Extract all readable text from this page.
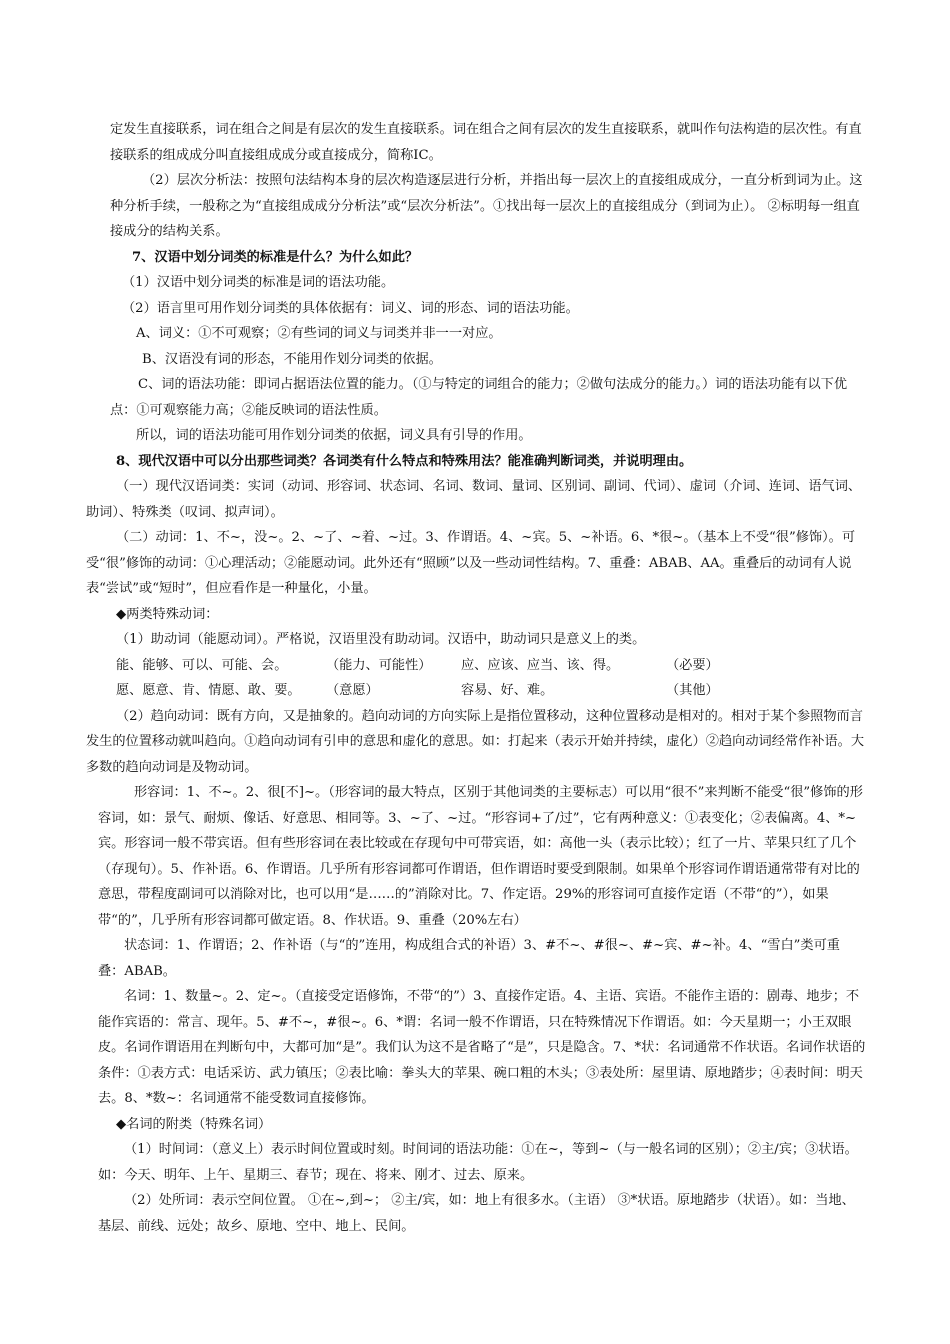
定发生直接联系，词在组合之间是有层次的发生直接联系。词在组合之间有层次的发生直接联系，就叫作句法构造的层次性。有直接联系的组成成分叫直接组成成分或直接成分，简称IC。

（2）层次分析法：按照句法结构本身的层次构造逐层进行分析，并指出每一层次上的直接组成成分，一直分析到词为止。这种分析手续，一般称之为“直接组成成分分析法”或“层次分析法”。①找出每一层次上的直接组成分（到词为止）。 ②标明每一组直接成分的结构关系。

7、汉语中划分词类的标准是什么？为什么如此？

（1）汉语中划分词类的标准是词的语法功能。

（2）语言里可用作划分词类的具体依据有：词义、词的形态、词的语法功能。

A、词义：①不可观察；②有些词的词义与词类并非一一对应。

B、汉语没有词的形态，不能用作划分词类的依据。

C、词的语法功能：即词占据语法位置的能力。（①与特定的词组合的能力；②做句法成分的能力。）词的语法功能有以下优点：①可观察能力高；②能反映词的语法性质。

所以，词的语法功能可用作划分词类的依据，词义具有引导的作用。

8、现代汉语中可以分出那些词类？各词类有什么特点和特殊用法？能准确判断词类，并说明理由。

（一）现代汉语词类：实词（动词、形容词、状态词、名词、数词、量词、区别词、副词、代词）、虚词（介词、连词、语气词、助词）、特殊类（叹词、拟声词）。

（二）动词：1、不~，没~。2、~了、~着、~过。3、作谓语。4、~宾。5、~补语。6、*很~。（基本上不受“很”修饰）。可受“很”修饰的动词：①心理活动；②能愿动词。此外还有“照顾”以及一些动词性结构。7、重叠：ABAB、AA。重叠后的动词有人说表“尝试”或“短时”，但应看作是一种量化，小量。

◆两类特殊动词：

（1）助动词（能愿动词）。严格说，汉语里没有助动词。汉语中，助动词只是意义上的类。

能、能够、可以、可能、会。	（能力、可能性）	应、应该、应当、该、得。	（必要）
愿、愿意、肯、情愿、敢、要。	（意愿）	容易、好、难。	（其他）

（2）趋向动词：既有方向，又是抽象的。趋向动词的方向实际上是指位置移动，这种位置移动是相对的。相对于某个参照物而言发生的位置移动就叫趋向。①趋向动词有引申的意思和虚化的意思。如：打起来（表示开始并持续，虚化）②趋向动词经常作补语。大多数的趋向动词是及物动词。

形容词：1、不~。2、很[不]~。（形容词的最大特点，区别于其他词类的主要标志）可以用“很不”来判断不能受“很”修饰的形容词，如：景气、耐烦、像话、好意思、相同等。3、~了、~过。“形容词+了/过”，它有两种意义：①表变化；②表偏离。4、*~宾。形容词一般不带宾语。但有些形容词在表比较或在存现句中可带宾语，如：高他一头（表示比较）；红了一片、苹果只红了几个（存现句）。5、作补语。6、作谓语。几乎所有形容词都可作谓语，但作谓语时要受到限制。如果单个形容词作谓语通常带有对比的意思，带程度副词可以消除对比，也可以用“是……的”消除对比。7、作定语。29%的形容词可直接作定语（不带“的”），如果带“的”，几乎所有形容词都可做定语。8、作状语。9、重叠（20%左右）

状态词：1、作谓语；2、作补语（与“的”连用，构成组合式的补语）3、#不~、#很~、#~宾、#~补。4、“雪白”类可重叠：ABAB。

名词：1、数量~。2、定~。（直接受定语修饰，不带“的”）3、直接作定语。4、主语、宾语。不能作主语的：剧毒、地步；不能作宾语的：常言、现年。5、#不~，#很~。6、*谓：名词一般不作谓语，只在特殊情况下作谓语。如：今天星期一；小王双眼皮。名词作谓语用在判断句中，大都可加“是”。我们认为这不是省略了“是”，只是隐含。7、*状：名词通常不作状语。名词作状语的条件：①表方式：电话采访、武力镇压；②表比喻：拳头大的苹果、碗口粗的木头；③表处所：屋里请、原地踏步；④表时间：明天去。8、*数~：名词通常不能受数词直接修饰。

◆名词的附类（特殊名词）

（1）时间词：（意义上）表示时间位置或时刻。时间词的语法功能：①在~，等到~（与一般名词的区别）；②主/宾；③状语。如：今天、明年、上午、星期三、春节；现在、将来、刚才、过去、原来。

（2）处所词：表示空间位置。 ①在~,到~； ②主/宾，如：地上有很多水。（主语） ③*状语。原地踏步（状语）。如：当地、基层、前线、远处；故乡、原地、空中、地上、民间。
